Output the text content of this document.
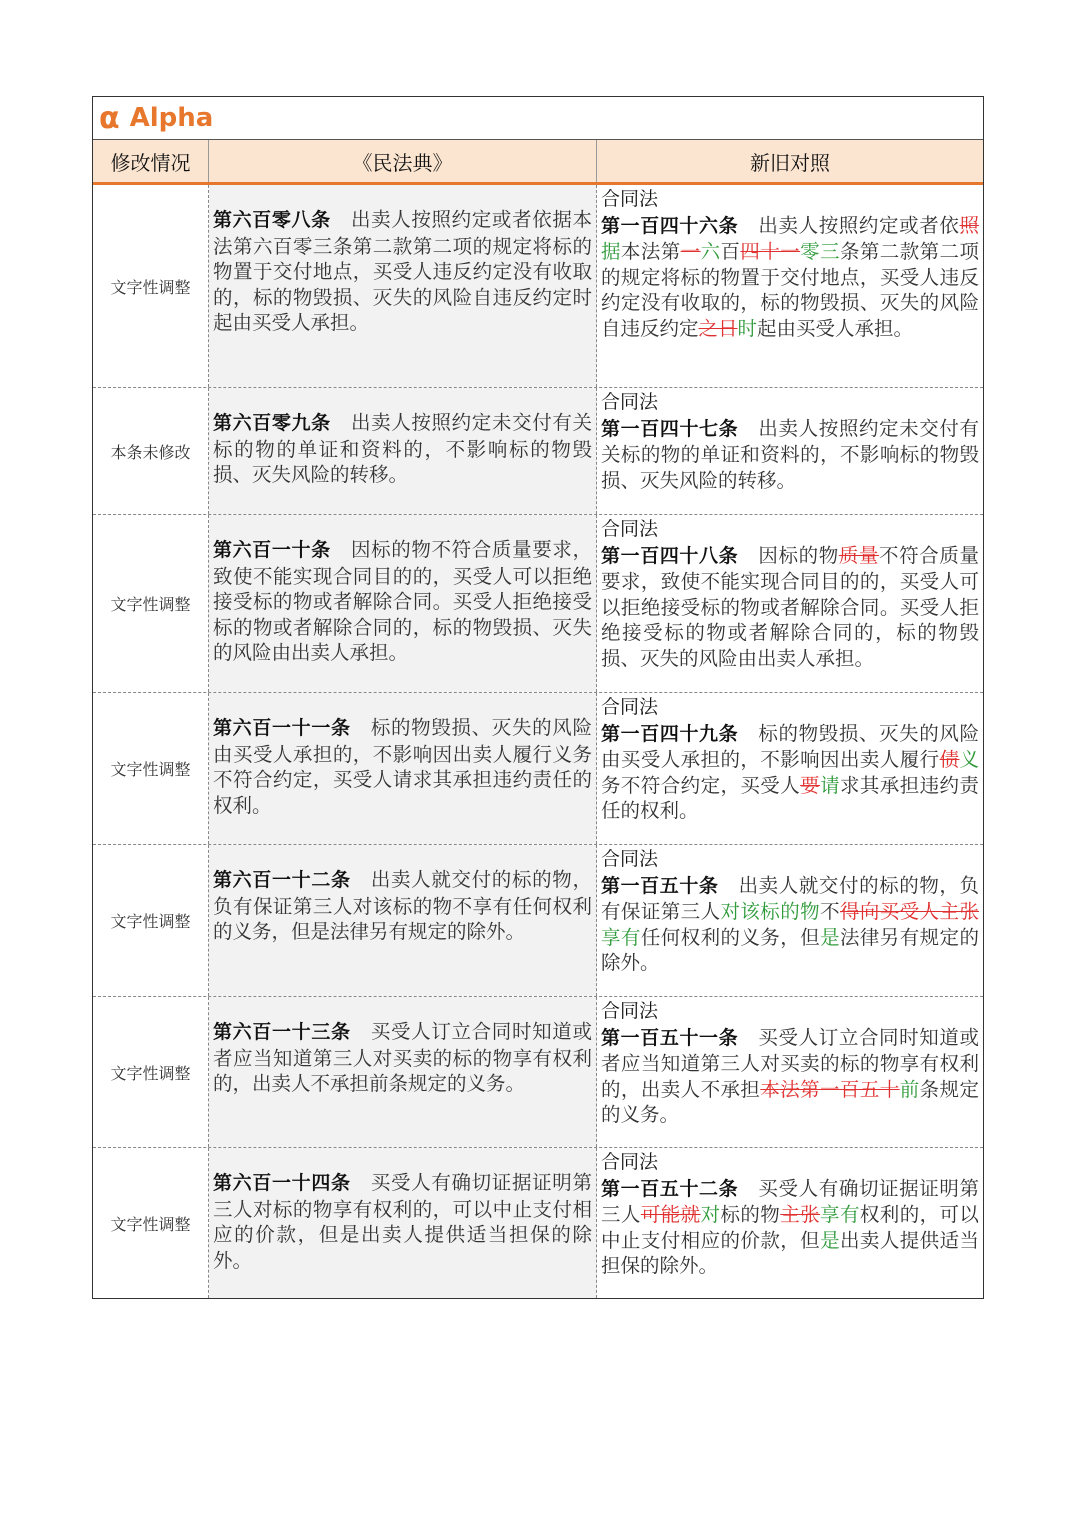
α Alpha
修改情况	《民法典》	新旧对照
文字性调整
第六百零八条  出卖人按照约定或者依据本法第六百零三条第二款第二项的规定将标的物置于交付地点，买受人违反约定没有收取的，标的物毁损、灭失的风险自违反约定时起由买受人承担。
合同法
第一百四十六条  出卖人按照约定或者依照据本法第一六百四十一零三条第二款第二项的规定将标的物置于交付地点，买受人违反约定没有收取的，标的物毁损、灭失的风险自违反约定之日时起由买受人承担。
本条未修改
第六百零九条  出卖人按照约定未交付有关标的物的单证和资料的，不影响标的物毁损、灭失风险的转移。
合同法
第一百四十七条  出卖人按照约定未交付有关标的物的单证和资料的，不影响标的物毁损、灭失风险的转移。
文字性调整
第六百一十条  因标的物不符合质量要求，致使不能实现合同目的的，买受人可以拒绝接受标的物或者解除合同。买受人拒绝接受标的物或者解除合同的，标的物毁损、灭失的风险由出卖人承担。
合同法
第一百四十八条  因标的物质量不符合质量要求，致使不能实现合同目的的，买受人可以拒绝接受标的物或者解除合同。买受人拒绝接受标的物或者解除合同的，标的物毁损、灭失的风险由出卖人承担。
文字性调整
第六百一十一条  标的物毁损、灭失的风险由买受人承担的，不影响因出卖人履行义务不符合约定，买受人请求其承担违约责任的权利。
合同法
第一百四十九条  标的物毁损、灭失的风险由买受人承担的，不影响因出卖人履行债义务不符合约定，买受人要请求其承担违约责任的权利。
文字性调整
第六百一十二条  出卖人就交付的标的物，负有保证第三人对该标的物不享有任何权利的义务，但是法律另有规定的除外。
合同法
第一百五十条  出卖人就交付的标的物，负有保证第三人对该标的物不得向买受人主张享有任何权利的义务，但是法律另有规定的除外。
文字性调整
第六百一十三条  买受人订立合同时知道或者应当知道第三人对买卖的标的物享有权利的，出卖人不承担前条规定的义务。
合同法
第一百五十一条  买受人订立合同时知道或者应当知道第三人对买卖的标的物享有权利的，出卖人不承担本法第一百五十前条规定的义务。
文字性调整
第六百一十四条  买受人有确切证据证明第三人对标的物享有权利的，可以中止支付相应的价款，但是出卖人提供适当担保的除外。
合同法
第一百五十二条  买受人有确切证据证明第三人可能就对标的物主张享有权利的，可以中止支付相应的价款，但是出卖人提供适当担保的除外。
